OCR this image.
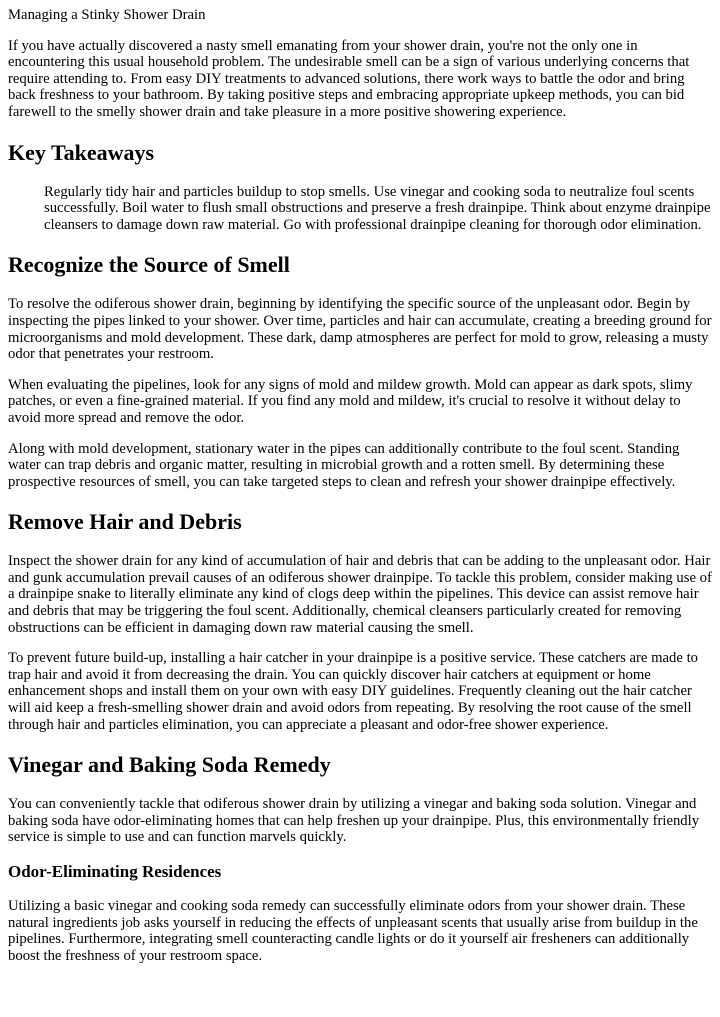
Managing a Stinky Shower Drain

If you have actually discovered a nasty smell emanating from your shower drain, you're not the only one in encountering this usual household problem. The undesirable smell can be a sign of various underlying concerns that require attending to. From easy DIY treatments to advanced solutions, there work ways to battle the odor and bring back freshness to your bathroom. By taking positive steps and embracing appropriate upkeep methods, you can bid farewell to the smelly shower drain and take pleasure in a more positive showering experience.

Key Takeaways
Regularly tidy hair and particles buildup to stop smells. Use vinegar and cooking soda to neutralize foul scents successfully. Boil water to flush small obstructions and preserve a fresh drainpipe. Think about enzyme drainpipe cleansers to damage down raw material. Go with professional drainpipe cleaning for thorough odor elimination.
Recognize the Source of Smell

To resolve the odiferous shower drain, beginning by identifying the specific source of the unpleasant odor. Begin by inspecting the pipes linked to your shower. Over time, particles and hair can accumulate, creating a breeding ground for microorganisms and mold development. These dark, damp atmospheres are perfect for mold to grow, releasing a musty odor that penetrates your restroom.

When evaluating the pipelines, look for any signs of mold and mildew growth. Mold can appear as dark spots, slimy patches, or even a fine-grained material. If you find any mold and mildew, it's crucial to resolve it without delay to avoid more spread and remove the odor.

Along with mold development, stationary water in the pipes can additionally contribute to the foul scent. Standing water can trap debris and organic matter, resulting in microbial growth and a rotten smell. By determining these prospective resources of smell, you can take targeted steps to clean and refresh your shower drainpipe effectively.

Remove Hair and Debris

Inspect the shower drain for any kind of accumulation of hair and debris that can be adding to the unpleasant odor. Hair and gunk accumulation prevail causes of an odiferous shower drainpipe. To tackle this problem, consider making use of a drainpipe snake to literally eliminate any kind of clogs deep within the pipelines. This device can assist remove hair and debris that may be triggering the foul scent. Additionally, chemical cleansers particularly created for removing obstructions can be efficient in damaging down raw material causing the smell.

To prevent future build-up, installing a hair catcher in your drainpipe is a positive service. These catchers are made to trap hair and avoid it from decreasing the drain. You can quickly discover hair catchers at equipment or home enhancement shops and install them on your own with easy DIY guidelines. Frequently cleaning out the hair catcher will aid keep a fresh-smelling shower drain and avoid odors from repeating. By resolving the root cause of the smell through hair and particles elimination, you can appreciate a pleasant and odor-free shower experience.

Vinegar and Baking Soda Remedy

You can conveniently tackle that odiferous shower drain by utilizing a vinegar and baking soda solution. Vinegar and baking soda have odor-eliminating homes that can help freshen up your drainpipe. Plus, this environmentally friendly service is simple to use and can function marvels quickly.

Odor-Eliminating Residences

Utilizing a basic vinegar and cooking soda remedy can successfully eliminate odors from your shower drain. These natural ingredients job asks yourself in reducing the effects of unpleasant scents that usually arise from buildup in the pipelines. Furthermore, integrating smell counteracting candle lights or do it yourself air fresheners can additionally boost the freshness of your restroom space.
